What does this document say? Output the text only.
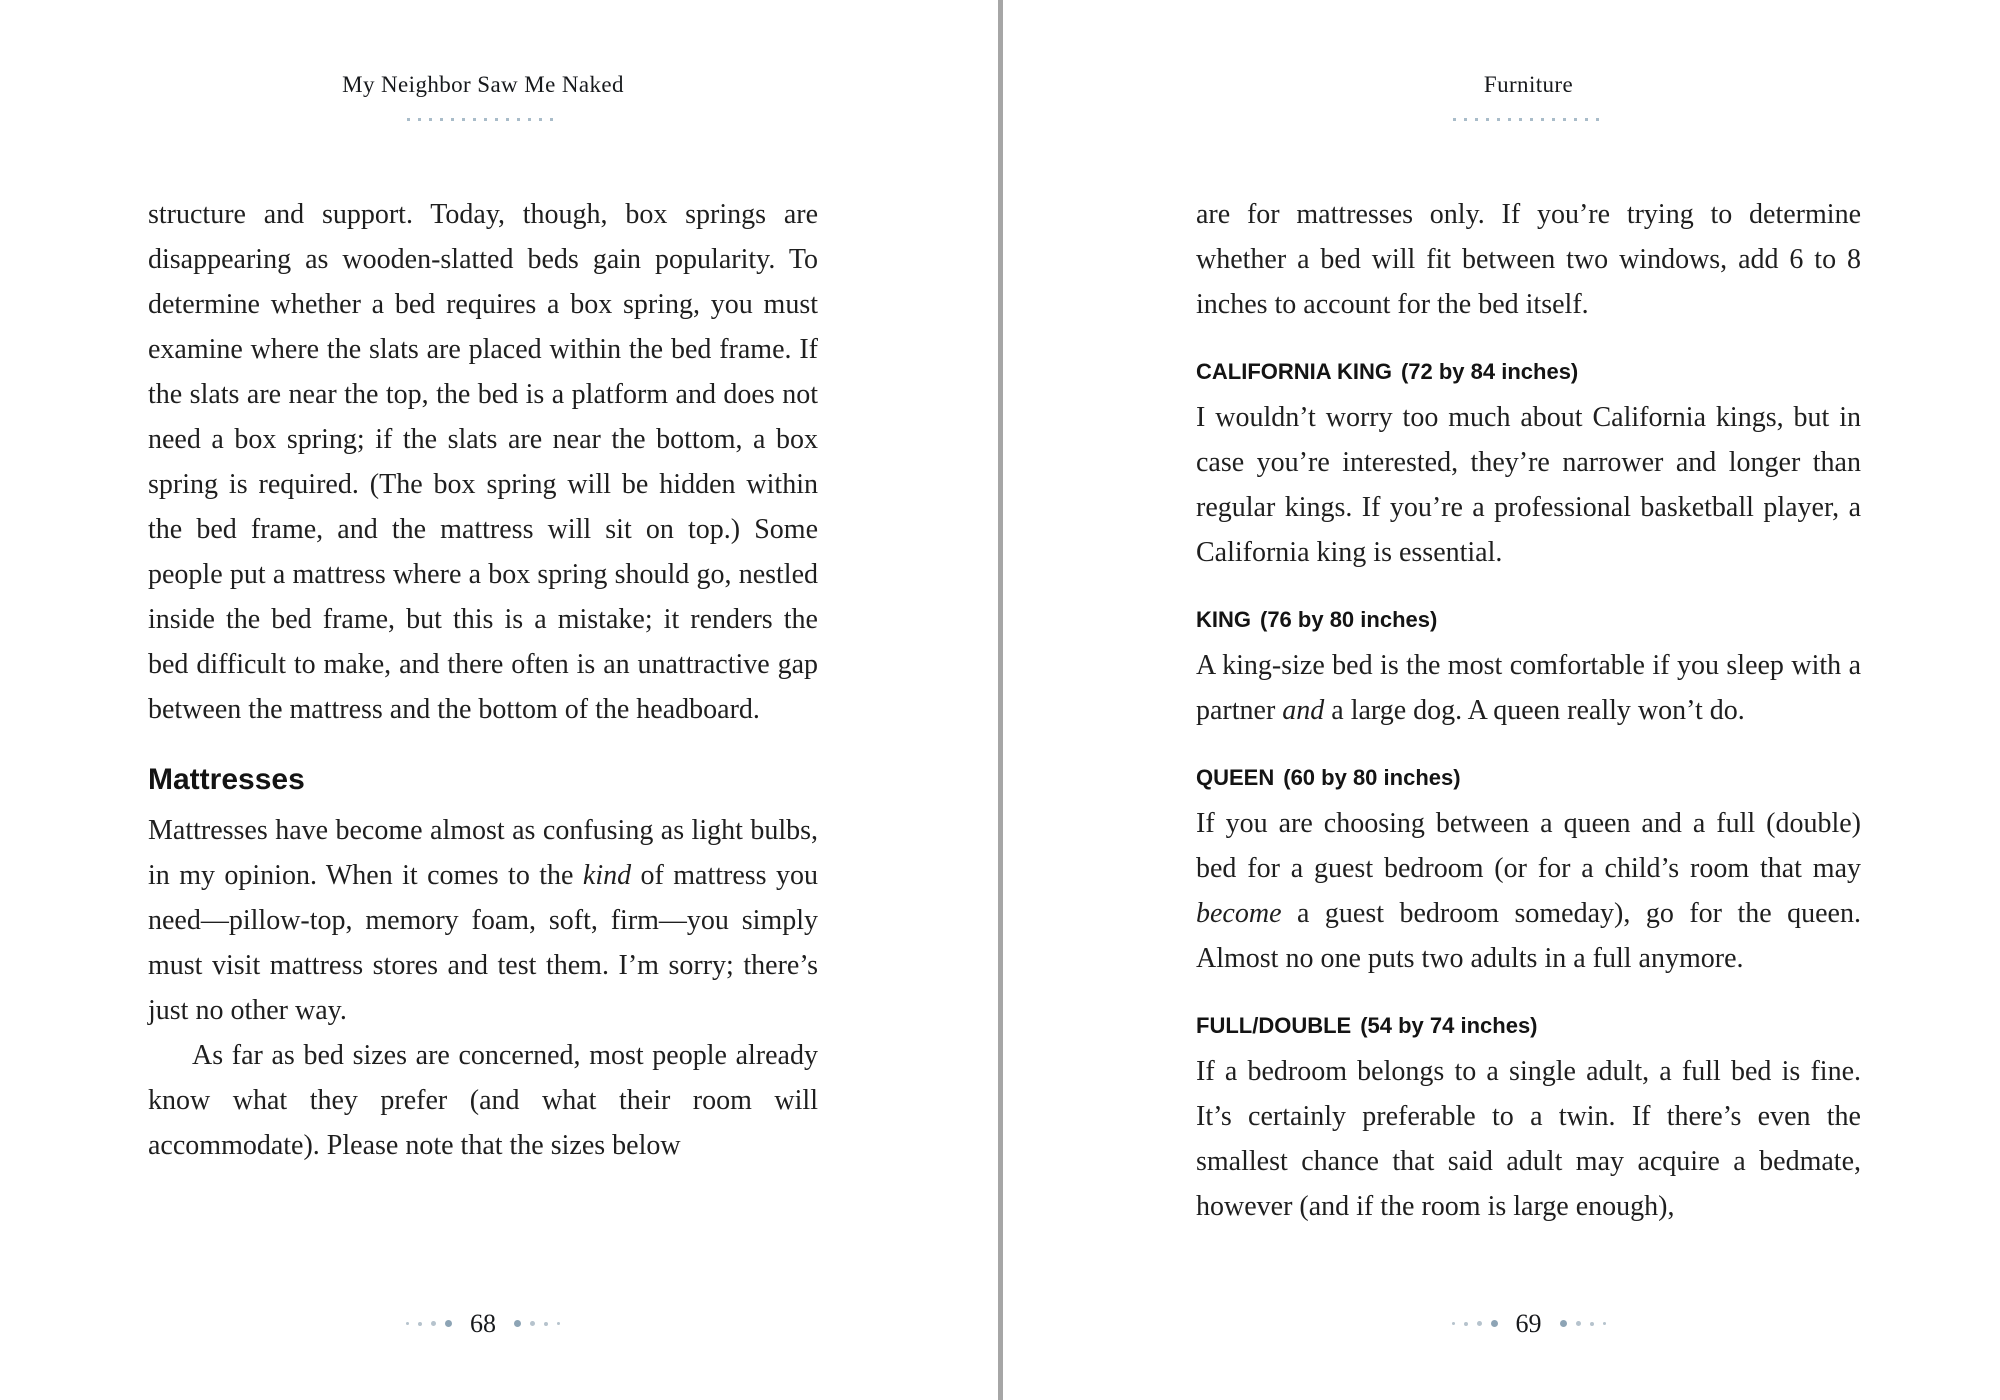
My Neighbor Saw Me Naked

structure and support. Today, though, box springs are disappearing as wooden-slatted beds gain popularity. To determine whether a bed requires a box spring, you must examine where the slats are placed within the bed frame. If the slats are near the top, the bed is a platform and does not need a box spring; if the slats are near the bottom, a box spring is required. (The box spring will be hidden within the bed frame, and the mattress will sit on top.) Some people put a mattress where a box spring should go, nestled inside the bed frame, but this is a mistake; it renders the bed difficult to make, and there often is an unattractive gap between the mattress and the bottom of the headboard.

Mattresses

Mattresses have become almost as confusing as light bulbs, in my opinion. When it comes to the kind of mattress you need—pillow-top, memory foam, soft, firm—you simply must visit mattress stores and test them. I’m sorry; there’s just no other way.

As far as bed sizes are concerned, most people already know what they prefer (and what their room will accommodate). Please note that the sizes below

68
Furniture

are for mattresses only. If you’re trying to determine whether a bed will fit between two windows, add 6 to 8 inches to account for the bed itself.

CALIFORNIA KING (72 by 84 inches)

I wouldn’t worry too much about California kings, but in case you’re interested, they’re narrower and longer than regular kings. If you’re a professional basketball player, a California king is essential.

KING (76 by 80 inches)

A king-size bed is the most comfortable if you sleep with a partner and a large dog. A queen really won’t do.

QUEEN (60 by 80 inches)

If you are choosing between a queen and a full (double) bed for a guest bedroom (or for a child’s room that may become a guest bedroom someday), go for the queen. Almost no one puts two adults in a full anymore.

FULL/DOUBLE (54 by 74 inches)

If a bedroom belongs to a single adult, a full bed is fine. It’s certainly preferable to a twin. If there’s even the smallest chance that said adult may acquire a bedmate, however (and if the room is large enough),

69
